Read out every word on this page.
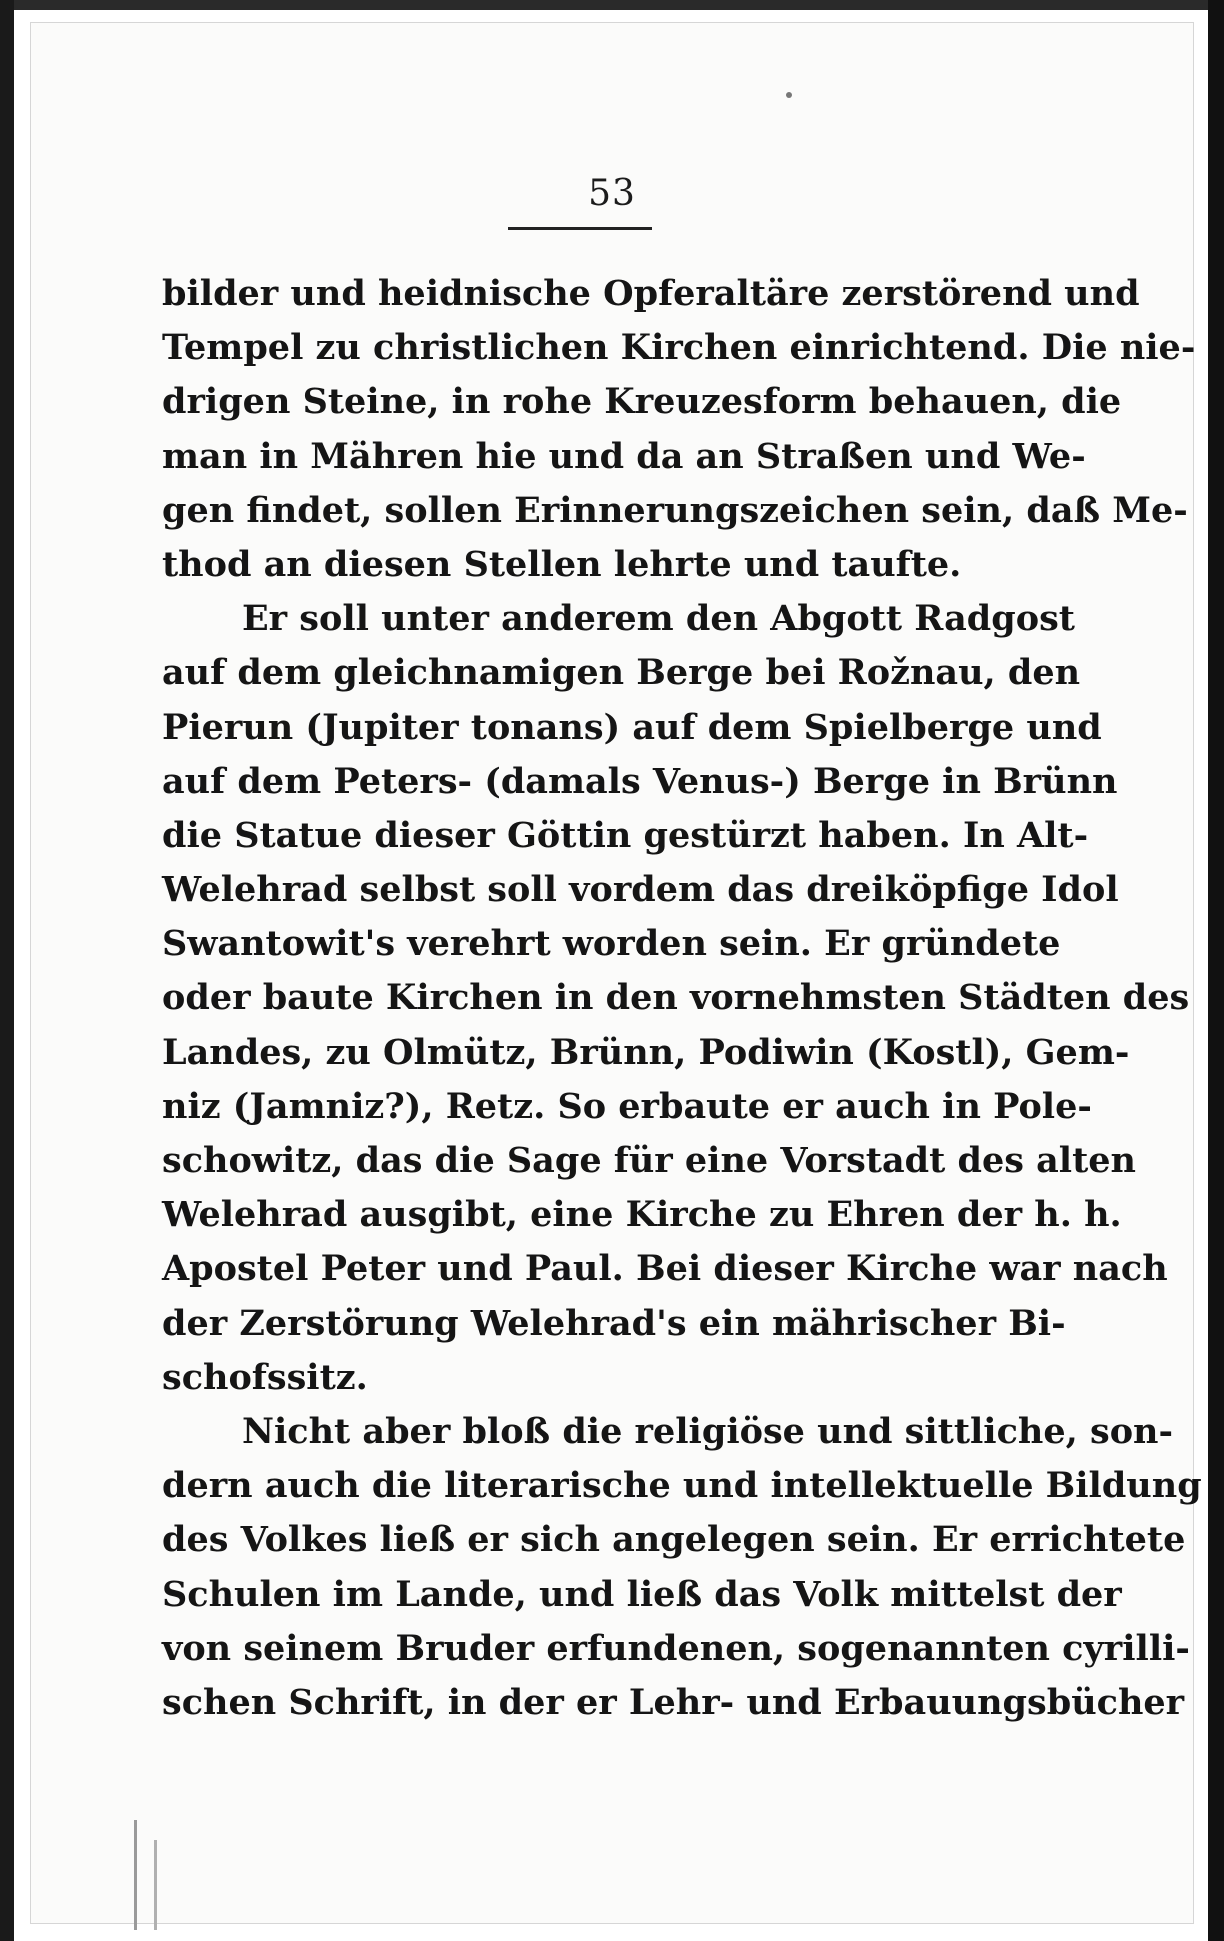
53
bilder und heidnische Opferaltäre zerstörend und
Tempel zu christlichen Kirchen einrichtend. Die nie-
drigen Steine, in rohe Kreuzesform behauen, die
man in Mähren hie und da an Straßen und We-
gen findet, sollen Erinnerungszeichen sein, daß Me-
thod an diesen Stellen lehrte und taufte.
Er soll unter anderem den Abgott Radgost
auf dem gleichnamigen Berge bei Rožnau, den
Pierun (Jupiter tonans) auf dem Spielberge und
auf dem Peters- (damals Venus-) Berge in Brünn
die Statue dieser Göttin gestürzt haben. In Alt-
Welehrad selbst soll vordem das dreiköpfige Idol
Swantowit's verehrt worden sein. Er gründete
oder baute Kirchen in den vornehmsten Städten des
Landes, zu Olmütz, Brünn, Podiwin (Kostl), Gem-
niz (Jamniz?), Retz. So erbaute er auch in Pole-
schowitz, das die Sage für eine Vorstadt des alten
Welehrad ausgibt, eine Kirche zu Ehren der h. h.
Apostel Peter und Paul. Bei dieser Kirche war nach
der Zerstörung Welehrad's ein mährischer Bi-
schofssitz.
Nicht aber bloß die religiöse und sittliche, son-
dern auch die literarische und intellektuelle Bildung
des Volkes ließ er sich angelegen sein. Er errichtete
Schulen im Lande, und ließ das Volk mittelst der
von seinem Bruder erfundenen, sogenannten cyrilli-
schen Schrift, in der er Lehr- und Erbauungsbücher
